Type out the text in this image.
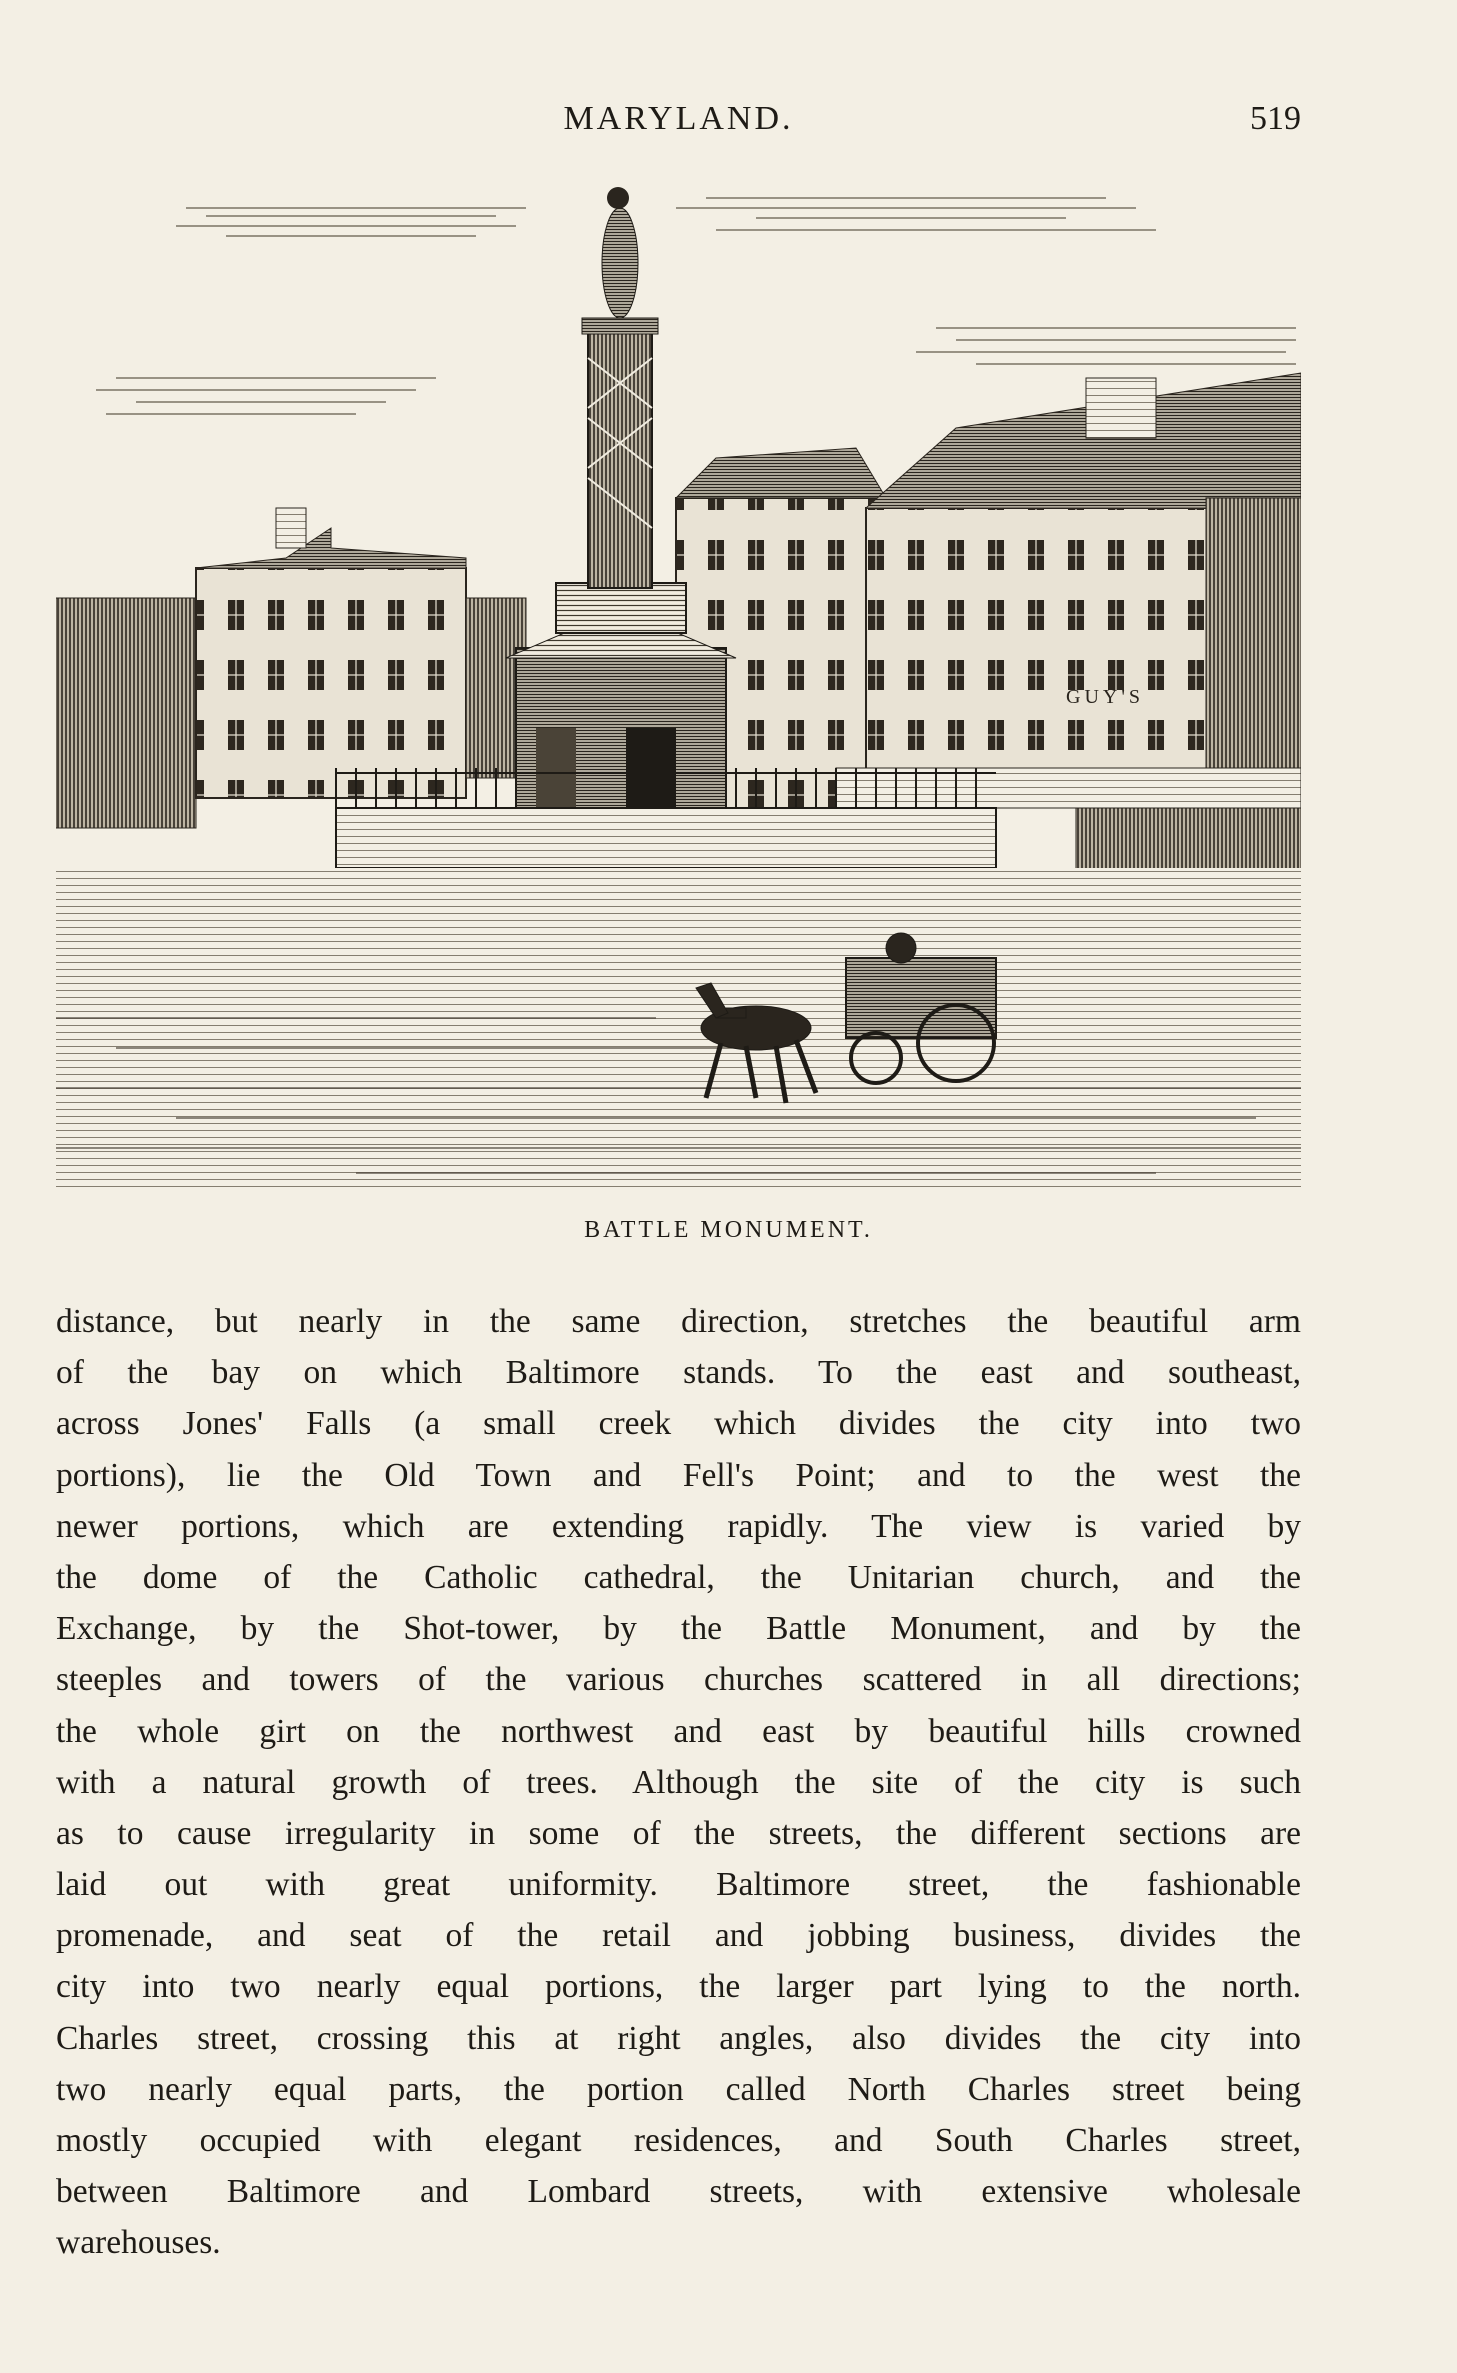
MARYLAND.	519
GUY'S
BATTLE MONUMENT.
distance, but nearly in the same direction, stretches the beautiful arm
of the bay on which Baltimore stands. To the east and southeast,
across Jones' Falls (a small creek which divides the city into two
portions), lie the Old Town and Fell's Point; and to the west the
newer portions, which are extending rapidly. The view is varied by
the dome of the Catholic cathedral, the Unitarian church, and the
Exchange, by the Shot-tower, by the Battle Monument, and by the
steeples and towers of the various churches scattered in all directions;
the whole girt on the northwest and east by beautiful hills crowned
with a natural growth of trees. Although the site of the city is such
as to cause irregularity in some of the streets, the different sections are
laid out with great uniformity. Baltimore street, the fashionable
promenade, and seat of the retail and jobbing business, divides the
city into two nearly equal portions, the larger part lying to the north.
Charles street, crossing this at right angles, also divides the city into
two nearly equal parts, the portion called North Charles street being
mostly occupied with elegant residences, and South Charles street,
between Baltimore and Lombard streets, with extensive wholesale
warehouses.
